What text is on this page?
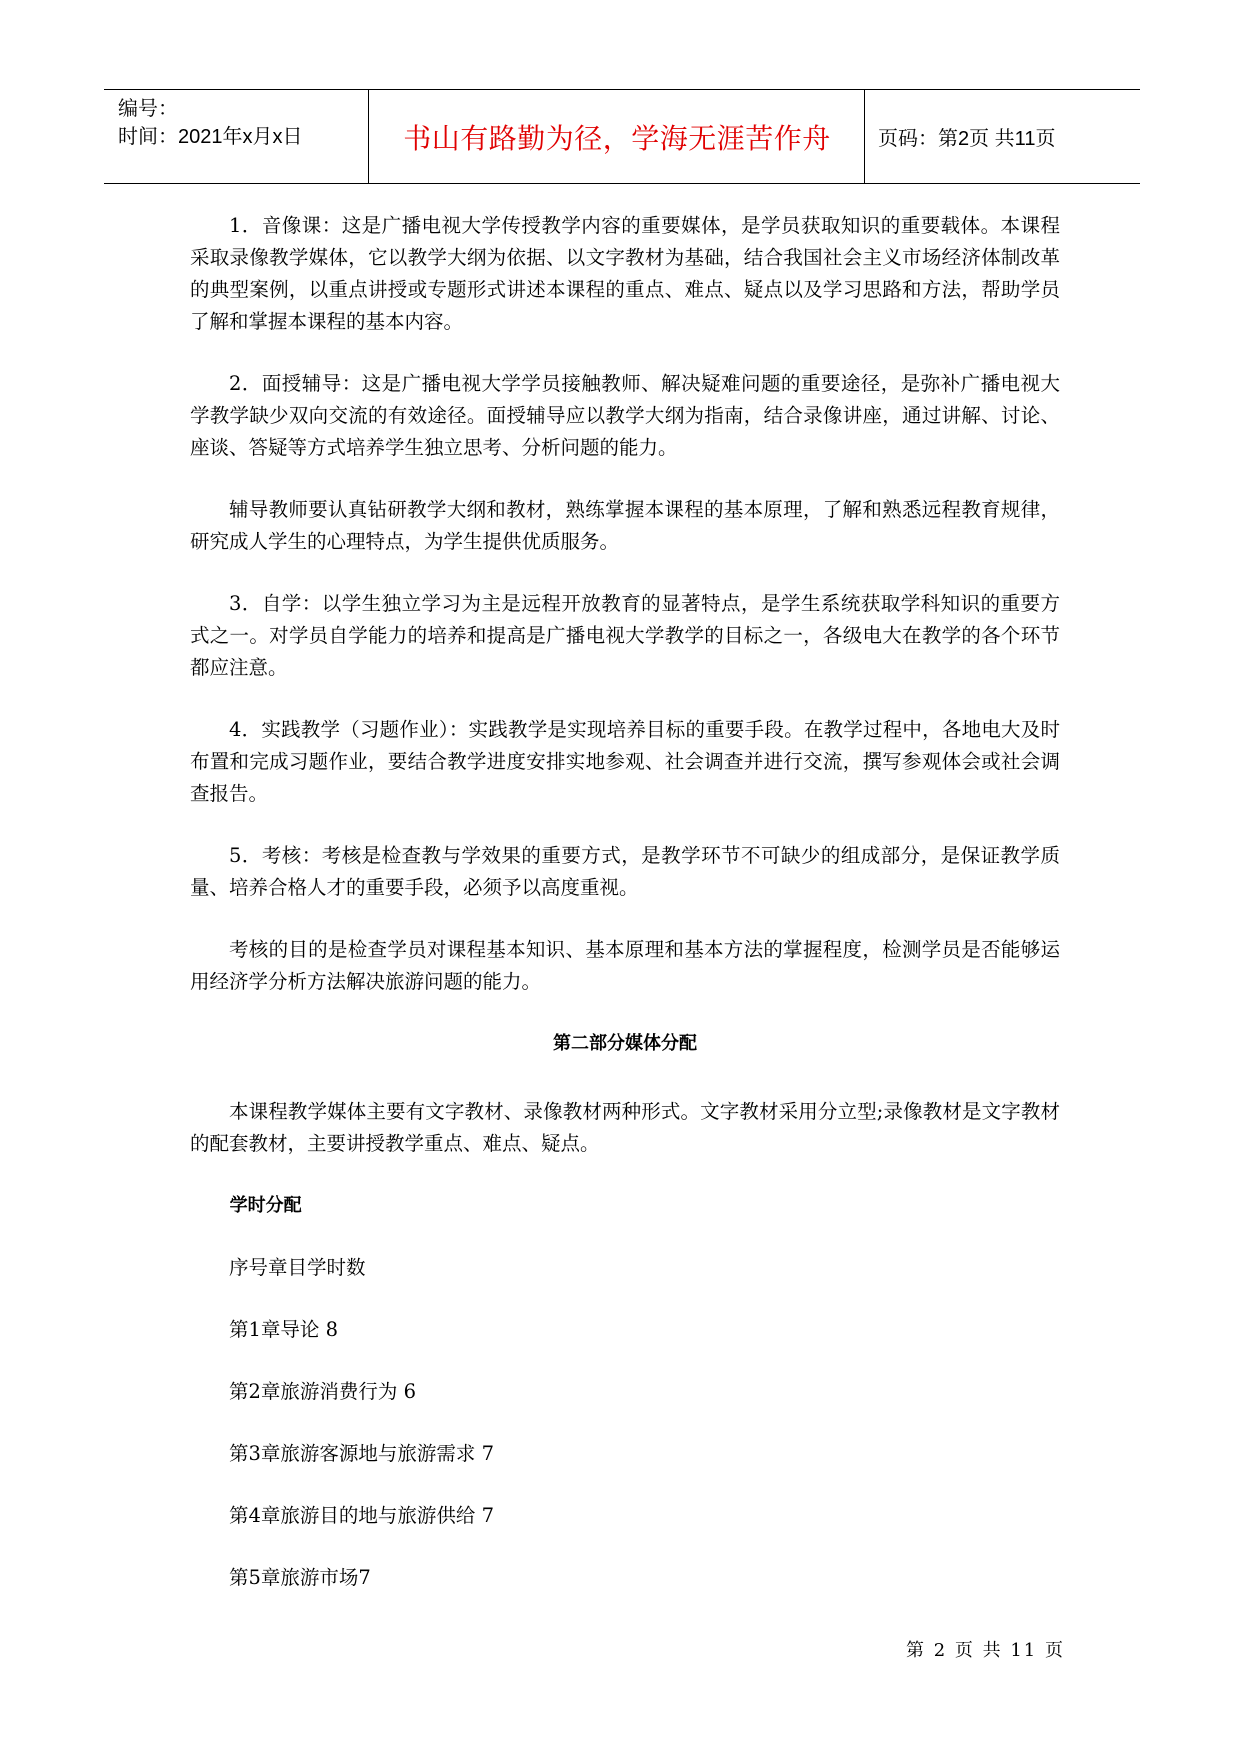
编号：
时间：2021年x月x日	书山有路勤为径，学海无涯苦作舟	页码：第2页 共11页

1．音像课：这是广播电视大学传授教学内容的重要媒体，是学员获取知识的重要载体。本课程采取录像教学媒体，它以教学大纲为依据、以文字教材为基础，结合我国社会主义市场经济体制改革的典型案例，以重点讲授或专题形式讲述本课程的重点、难点、疑点以及学习思路和方法，帮助学员了解和掌握本课程的基本内容。

2．面授辅导：这是广播电视大学学员接触教师、解决疑难问题的重要途径，是弥补广播电视大学教学缺少双向交流的有效途径。面授辅导应以教学大纲为指南，结合录像讲座，通过讲解、讨论、座谈、答疑等方式培养学生独立思考、分析问题的能力。

辅导教师要认真钻研教学大纲和教材，熟练掌握本课程的基本原理，了解和熟悉远程教育规律，研究成人学生的心理特点，为学生提供优质服务。

3．自学：以学生独立学习为主是远程开放教育的显著特点，是学生系统获取学科知识的重要方式之一。对学员自学能力的培养和提高是广播电视大学教学的目标之一，各级电大在教学的各个环节都应注意。

4．实践教学（习题作业）：实践教学是实现培养目标的重要手段。在教学过程中，各地电大及时布置和完成习题作业，要结合教学进度安排实地参观、社会调查并进行交流，撰写参观体会或社会调查报告。

5．考核：考核是检查教与学效果的重要方式，是教学环节不可缺少的组成部分，是保证教学质量、培养合格人才的重要手段，必须予以高度重视。

考核的目的是检查学员对课程基本知识、基本原理和基本方法的掌握程度，检测学员是否能够运用经济学分析方法解决旅游问题的能力。

第二部分媒体分配

本课程教学媒体主要有文字教材、录像教材两种形式。文字教材采用分立型;录像教材是文字教材的配套教材，主要讲授教学重点、难点、疑点。

学时分配
序号章目学时数
第1章导论 8
第2章旅游消费行为 6
第3章旅游客源地与旅游需求 7
第4章旅游目的地与旅游供给 7
第5章旅游市场7
第 2 页 共 11 页
